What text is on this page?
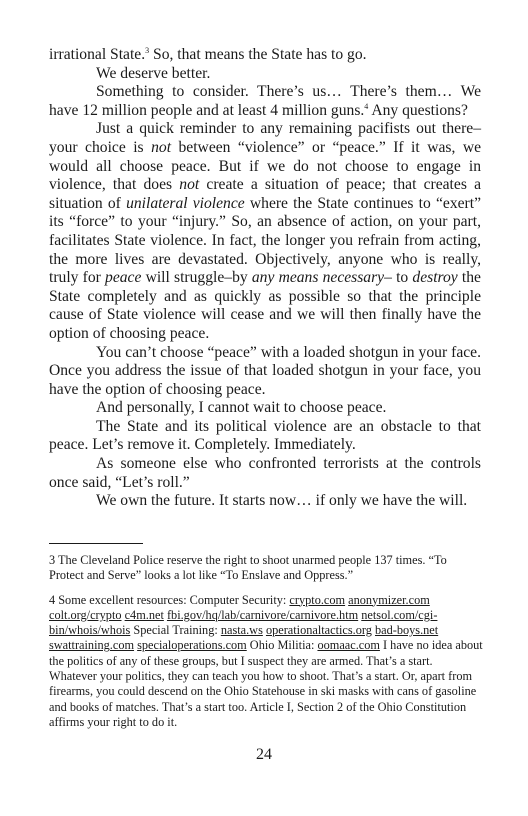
irrational State.$^3$ So, that means the State has to go.

We deserve better.

Something to consider. There’s us… There’s them… We have 12 million people and at least 4 million guns.$^4$ Any questions?

Just a quick reminder to any remaining pacifists out there–your choice is not between “violence” or “peace.” If it was, we would all choose peace. But if we do not choose to engage in violence, that does not create a situation of peace; that creates a situation of unilateral violence where the State continues to “exert” its “force” to your “injury.” So, an absence of action, on your part, facilitates State violence. In fact, the longer you refrain from acting, the more lives are devastated. Objectively, anyone who is really, truly for peace will struggle–by any means necessary– to destroy the State completely and as quickly as possible so that the principle cause of State violence will cease and we will then finally have the option of choosing peace.

You can’t choose “peace” with a loaded shotgun in your face. Once you address the issue of that loaded shotgun in your face, you have the option of choosing peace.

And personally, I cannot wait to choose peace.

The State and its political violence are an obstacle to that peace. Let’s remove it. Completely. Immediately.

As someone else who confronted terrorists at the controls once said, “Let’s roll.”

We own the future. It starts now… if only we have the will.

3 The Cleveland Police reserve the right to shoot unarmed people 137 times. “To Protect and Serve” looks a lot like “To Enslave and Oppress.”

4 Some excellent resources: Computer Security: crypto.com anonymizer.com colt.org/crypto c4m.net fbi.gov/hq/lab/carnivore/carnivore.htm netsol.com/cgi-bin/whois/whois Special Training: nasta.ws operationaltactics.org bad-boys.net swattraining.com specialoperations.com Ohio Militia: oomaac.com I have no idea about the politics of any of these groups, but I suspect they are armed. That’s a start. Whatever your politics, they can teach you how to shoot. That’s a start. Or, apart from firearms, you could descend on the Ohio Statehouse in ski masks with cans of gasoline and books of matches. That’s a start too. Article I, Section 2 of the Ohio Constitution affirms your right to do it.

24
